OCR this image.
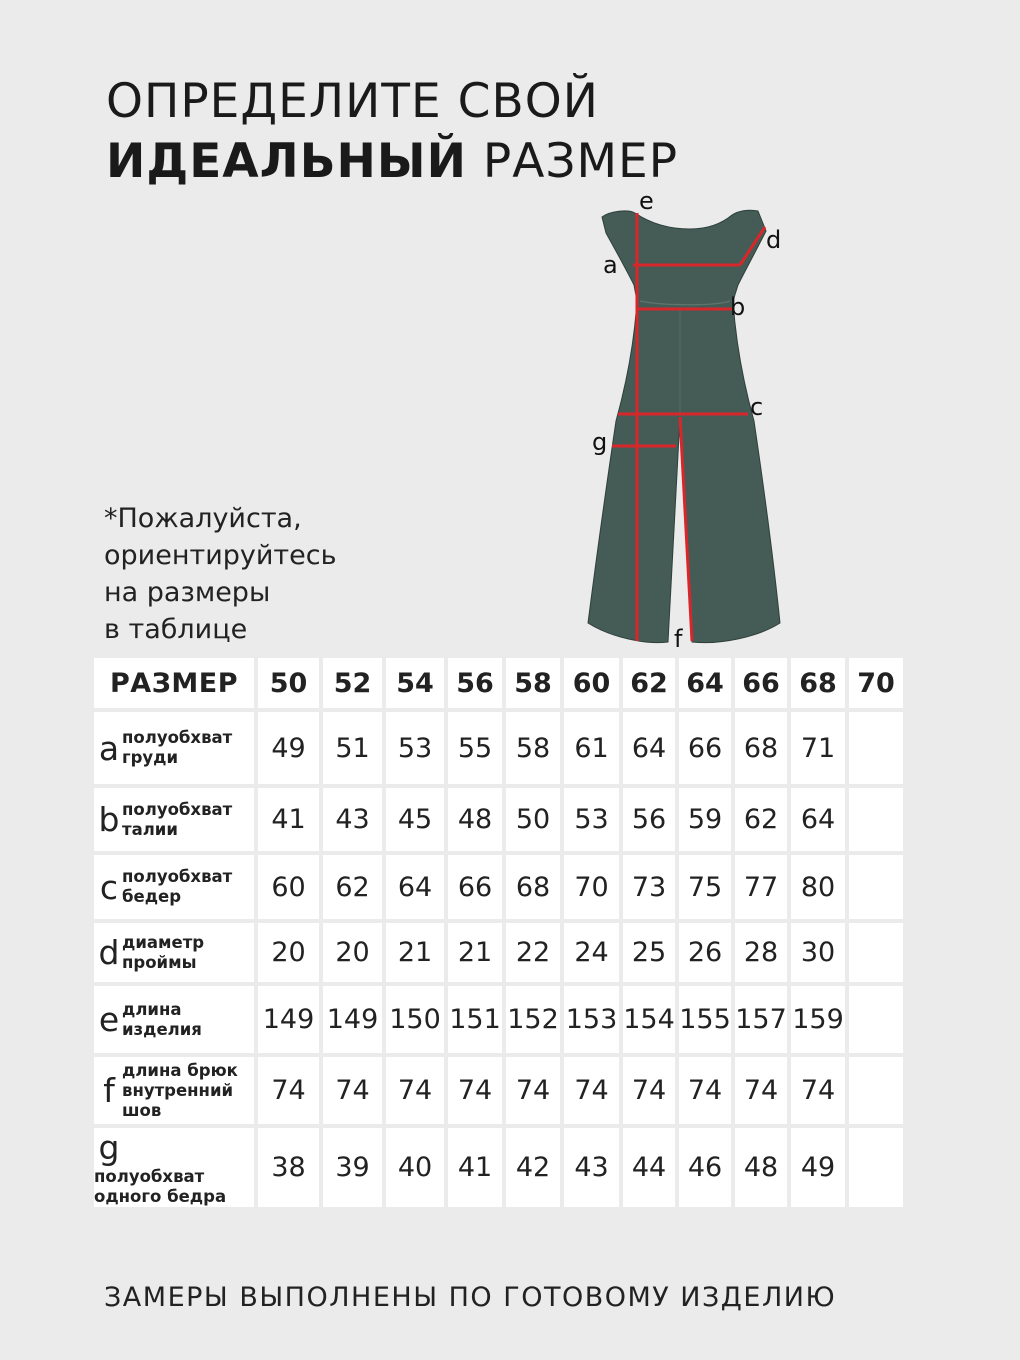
ОПРЕДЕЛИТЕ СВОЙ
ИДЕАЛЬНЫЙ РАЗМЕР
*Пожалуйста,
ориентируйтесь
на размеры
в таблице
e
d
a
b
c
g
f
РАЗМЕР	50	52	54	56	58	60	62	64	66	68	70
a полуобхват
груди	49	51	53	55	58	61	64	66	68	71	
b полуобхват
талии	41	43	45	48	50	53	56	59	62	64	
c полуобхват
бедер	60	62	64	66	68	70	73	75	77	80	
d диаметр
проймы	20	20	21	21	22	24	25	26	28	30	
e длина
изделия	149	149	150	151	152	153	154	155	157	159	
f
длина брюк
внутренний
шов	74	74	74	74	74	74	74	74	74	74	
g
полуобхват
одного бедра	38	39	40	41	42	43	44	46	48	49	
ЗАМЕРЫ ВЫПОЛНЕНЫ ПО ГОТОВОМУ ИЗДЕЛИЮ
